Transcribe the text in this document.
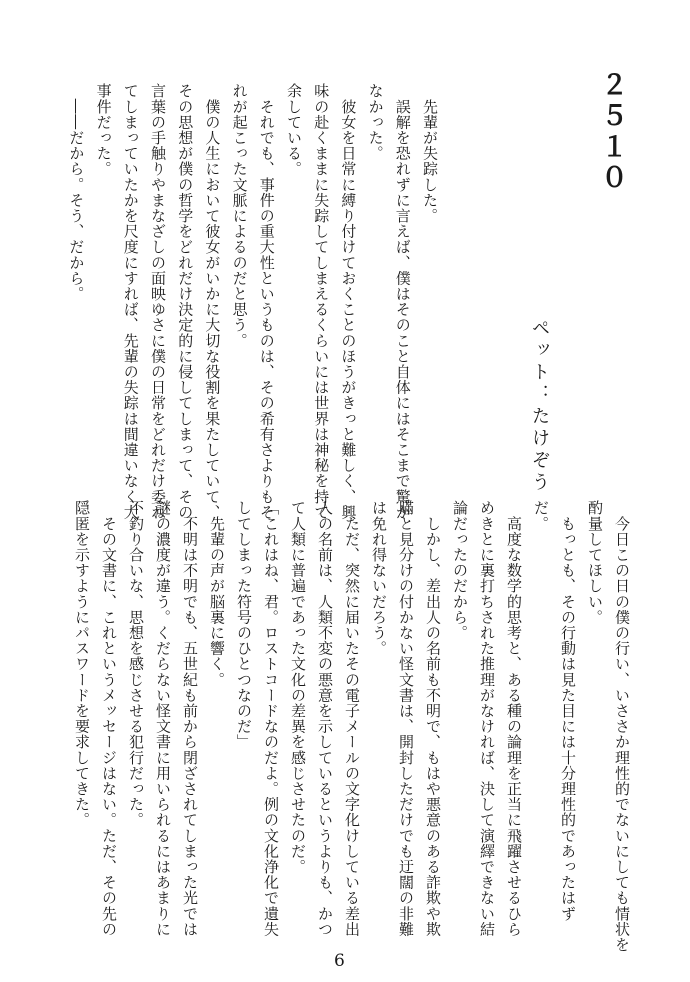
２５１０
ペット：たけぞう
　先輩が失踪した。
　誤解を恐れずに言えば、僕はそのこと自体にはそこまで驚か
なかった。
　彼女を日常に縛り付けておくことのほうがきっと難しく、興
味の赴くままに失踪してしまえるくらいには世界は神秘を持て
余している。
　それでも、事件の重大性というものは、その希有さよりもそ
れが起こった文脈によるのだと思う。
　僕の人生において彼女がいかに大切な役割を果たしていて、
その思想が僕の哲学をどれだけ決定的に侵してしまって、その
言葉の手触りやまなざしの面映ゆさに僕の日常をどれだけ委ね
てしまっていたかを尺度にすれば、先輩の失踪は間違いなく大
事件だった。
　――だから。そう、だから。
　今日この日の僕の行い、いささか理性的でないにしても情状を
酌量してほしい。
　もっとも、その行動は見た目には十分理性的であったはず
だ。
　高度な数学的思考と、ある種の論理を正当に飛躍させるひら
めきとに裏打ちされた推理がなければ、決して演繹できない結
論だったのだから。
　しかし、差出人の名前も不明で、もはや悪意のある詐欺や欺
瞞と見分けの付かない怪文書は、開封しただけでも迂闊の非難
は免れ得ないだろう。
　ただ、突然に届いたその電子メールの文字化けしている差出
人の名前は、人類不変の悪意を示しているというよりも、かつ
て人類に普遍であった文化の差異を感じさせたのだ。
「これはね、君。ロストコードなのだよ。例の文化浄化で遺失
してしまった符号のひとつなのだ」
　先輩の声が脳裏に響く。
　不明は不明でも、五世紀も前から閉ざされてしまった光では
謎の濃度が違う。くだらない怪文書に用いられるにはあまりに
不釣り合いな、思想を感じさせる犯行だった。
　その文書に、これというメッセージはない。ただ、その先の
隠匿を示すようにパスワードを要求してきた。
6
